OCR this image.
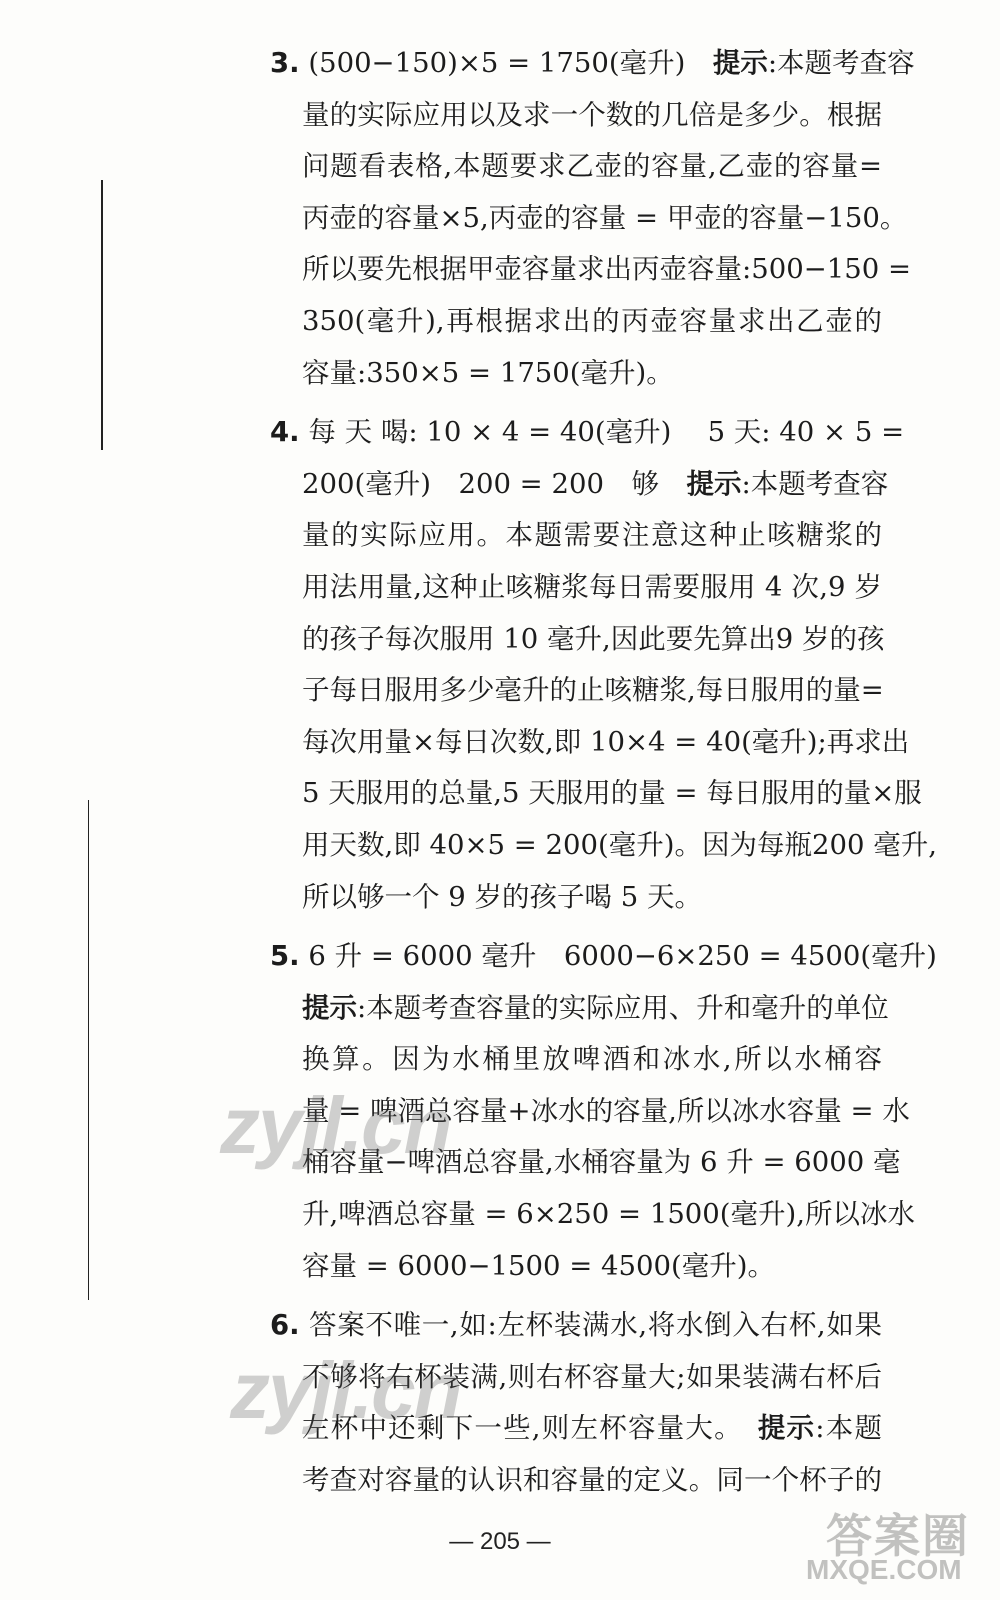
3. (500−150)×5 = 1750(毫升)　提示:本题考查容
量的实际应用以及求一个数的几倍是多少。根据
问题看表格,本题要求乙壶的容量,乙壶的容量=
丙壶的容量×5,丙壶的容量 = 甲壶的容量−150。
所以要先根据甲壶容量求出丙壶容量:500−150 =
350(毫升),再根据求出的丙壶容量求出乙壶的
容量:350×5 = 1750(毫升)。
4. 每 天 喝: 10 × 4 = 40(毫升)　 5 天: 40 × 5 =
200(毫升)　200 = 200　够　提示:本题考查容
量的实际应用。本题需要注意这种止咳糖浆的
用法用量,这种止咳糖浆每日需要服用 4 次,9 岁
的孩子每次服用 10 毫升,因此要先算出9 岁的孩
子每日服用多少毫升的止咳糖浆,每日服用的量=
每次用量×每日次数,即 10×4 = 40(毫升);再求出
5 天服用的总量,5 天服用的量 = 每日服用的量×服
用天数,即 40×5 = 200(毫升)。因为每瓶200 毫升,
所以够一个 9 岁的孩子喝 5 天。
5. 6 升 = 6000 毫升　6000−6×250 = 4500(毫升)
提示:本题考查容量的实际应用、升和毫升的单位
换算。因为水桶里放啤酒和冰水,所以水桶容
量 = 啤酒总容量+冰水的容量,所以冰水容量 = 水
桶容量−啤酒总容量,水桶容量为 6 升 = 6000 毫
升,啤酒总容量 = 6×250 = 1500(毫升),所以冰水
容量 = 6000−1500 = 4500(毫升)。
6. 答案不唯一,如:左杯装满水,将水倒入右杯,如果
不够将右杯装满,则右杯容量大;如果装满右杯后
左杯中还剩下一些,则左杯容量大。　提示:本题
考查对容量的认识和容量的定义。同一个杯子的
zyjl.cn
zyjl.cn
— 205 —	答案圈
MXQE.COM
